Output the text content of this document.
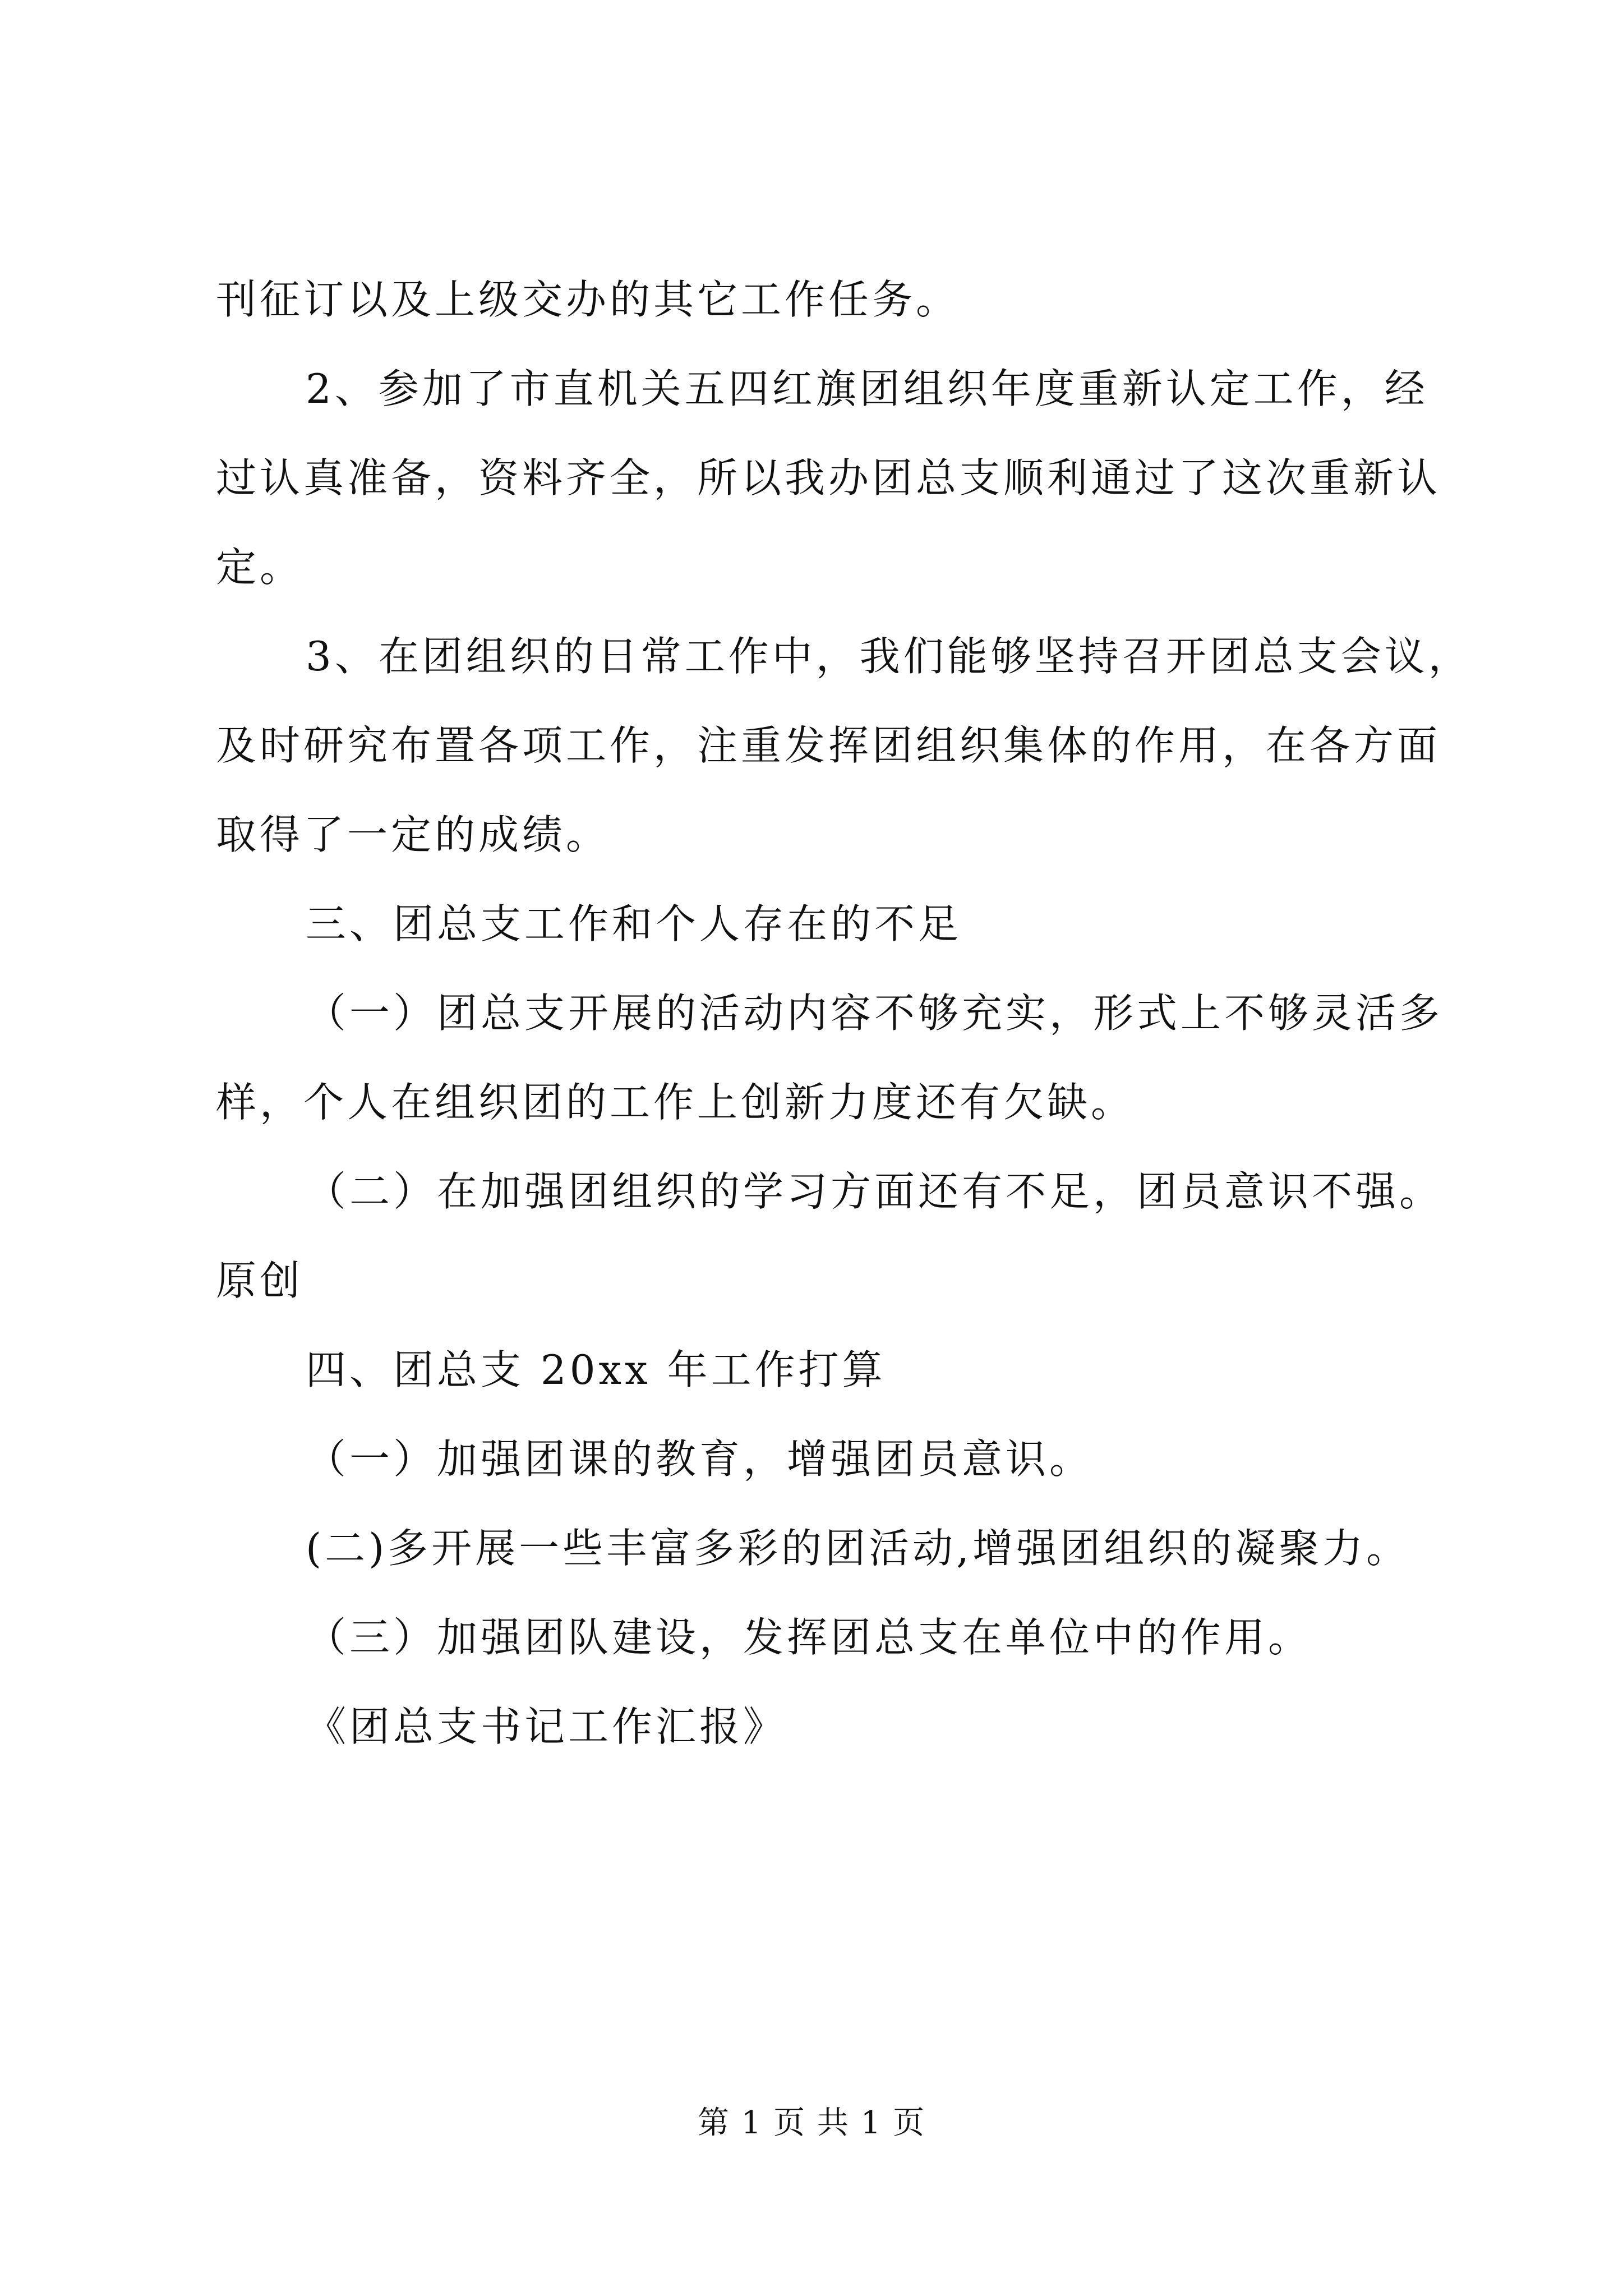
刊征订以及上级交办的其它工作任务。
2、参加了市直机关五四红旗团组织年度重新认定工作，经
过认真准备，资料齐全，所以我办团总支顺利通过了这次重新认
定。
3、在团组织的日常工作中，我们能够坚持召开团总支会议，
及时研究布置各项工作，注重发挥团组织集体的作用，在各方面
取得了一定的成绩。
三、团总支工作和个人存在的不足
（一）团总支开展的活动内容不够充实，形式上不够灵活多
样，个人在组织团的工作上创新力度还有欠缺。
（二）在加强团组织的学习方面还有不足，团员意识不强。
原创
四、团总支 20xx 年工作打算
（一）加强团课的教育，增强团员意识。
(二)多开展一些丰富多彩的团活动,增强团组织的凝聚力。
（三）加强团队建设，发挥团总支在单位中的作用。
《团总支书记工作汇报》
第 1 页 共 1 页
